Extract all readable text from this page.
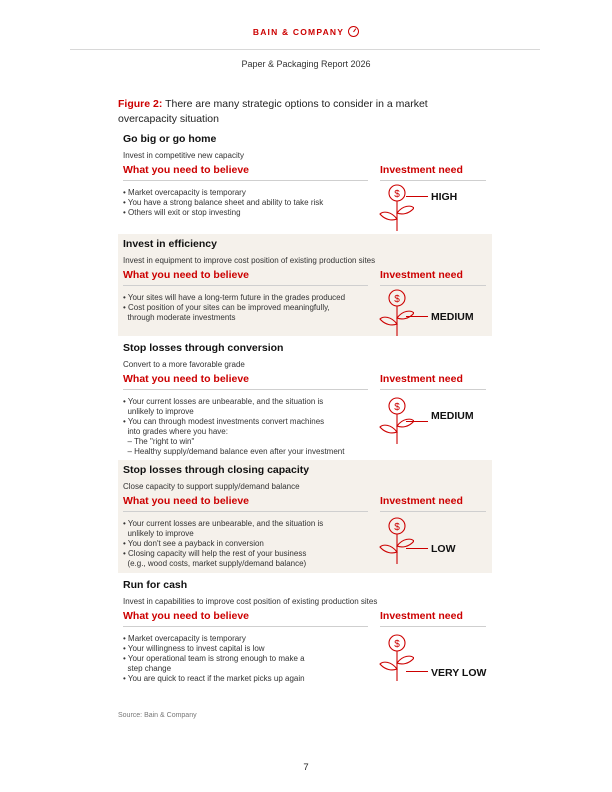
BAIN & COMPANY
Paper & Packaging Report 2026
Figure 2: There are many strategic options to consider in a market overcapacity situation
Go big or go home
Invest in competitive new capacity
What you need to believe	Investment need
• Market overcapacity is temporary
• You have a strong balance sheet and ability to take risk
• Others will exit or stop investing
$	HIGH
Invest in efficiency
Invest in equipment to improve cost position of existing production sites
What you need to believe	Investment need
• Your sites will have a long-term future in the grades produced
• Cost position of your sites can be improved meaningfully,
through moderate investments
$
MEDIUM
Stop losses through conversion
Convert to a more favorable grade
What you need to believe	Investment need
• Your current losses are unbearable, and the situation is
unlikely to improve
• You can through modest investments convert machines
into grades where you have:
– The "right to win"
– Healthy supply/demand balance even after your investment
$
MEDIUM
Stop losses through closing capacity
Close capacity to support supply/demand balance
What you need to believe	Investment need
• Your current losses are unbearable, and the situation is
unlikely to improve
• You don't see a payback in conversion
• Closing capacity will help the rest of your business
(e.g., wood costs, market supply/demand balance)
$
LOW
Run for cash
Invest in capabilities to improve cost position of existing production sites
What you need to believe	Investment need
• Market overcapacity is temporary
• Your willingness to invest capital is low
• Your operational team is strong enough to make a
step change
• You are quick to react if the market picks up again
$
VERY LOW
Source: Bain & Company
7
